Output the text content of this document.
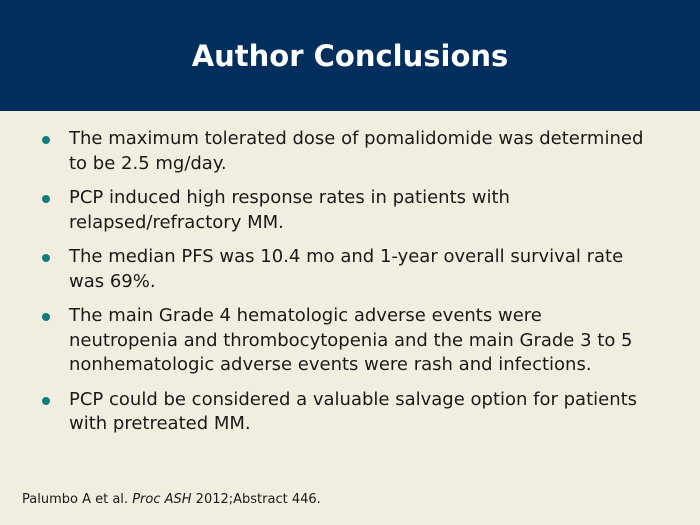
Author Conclusions
The maximum tolerated dose of pomalidomide was determined to be 2.5 mg/day.
PCP induced high response rates in patients with relapsed/refractory MM.
The median PFS was 10.4 mo and 1-year overall survival rate was 69%.
The main Grade 4 hematologic adverse events were neutropenia and thrombocytopenia and the main Grade 3 to 5 nonhematologic adverse events were rash and infections.
PCP could be considered a valuable salvage option for patients with pretreated MM.

Palumbo A et al. Proc ASH 2012;Abstract 446.
